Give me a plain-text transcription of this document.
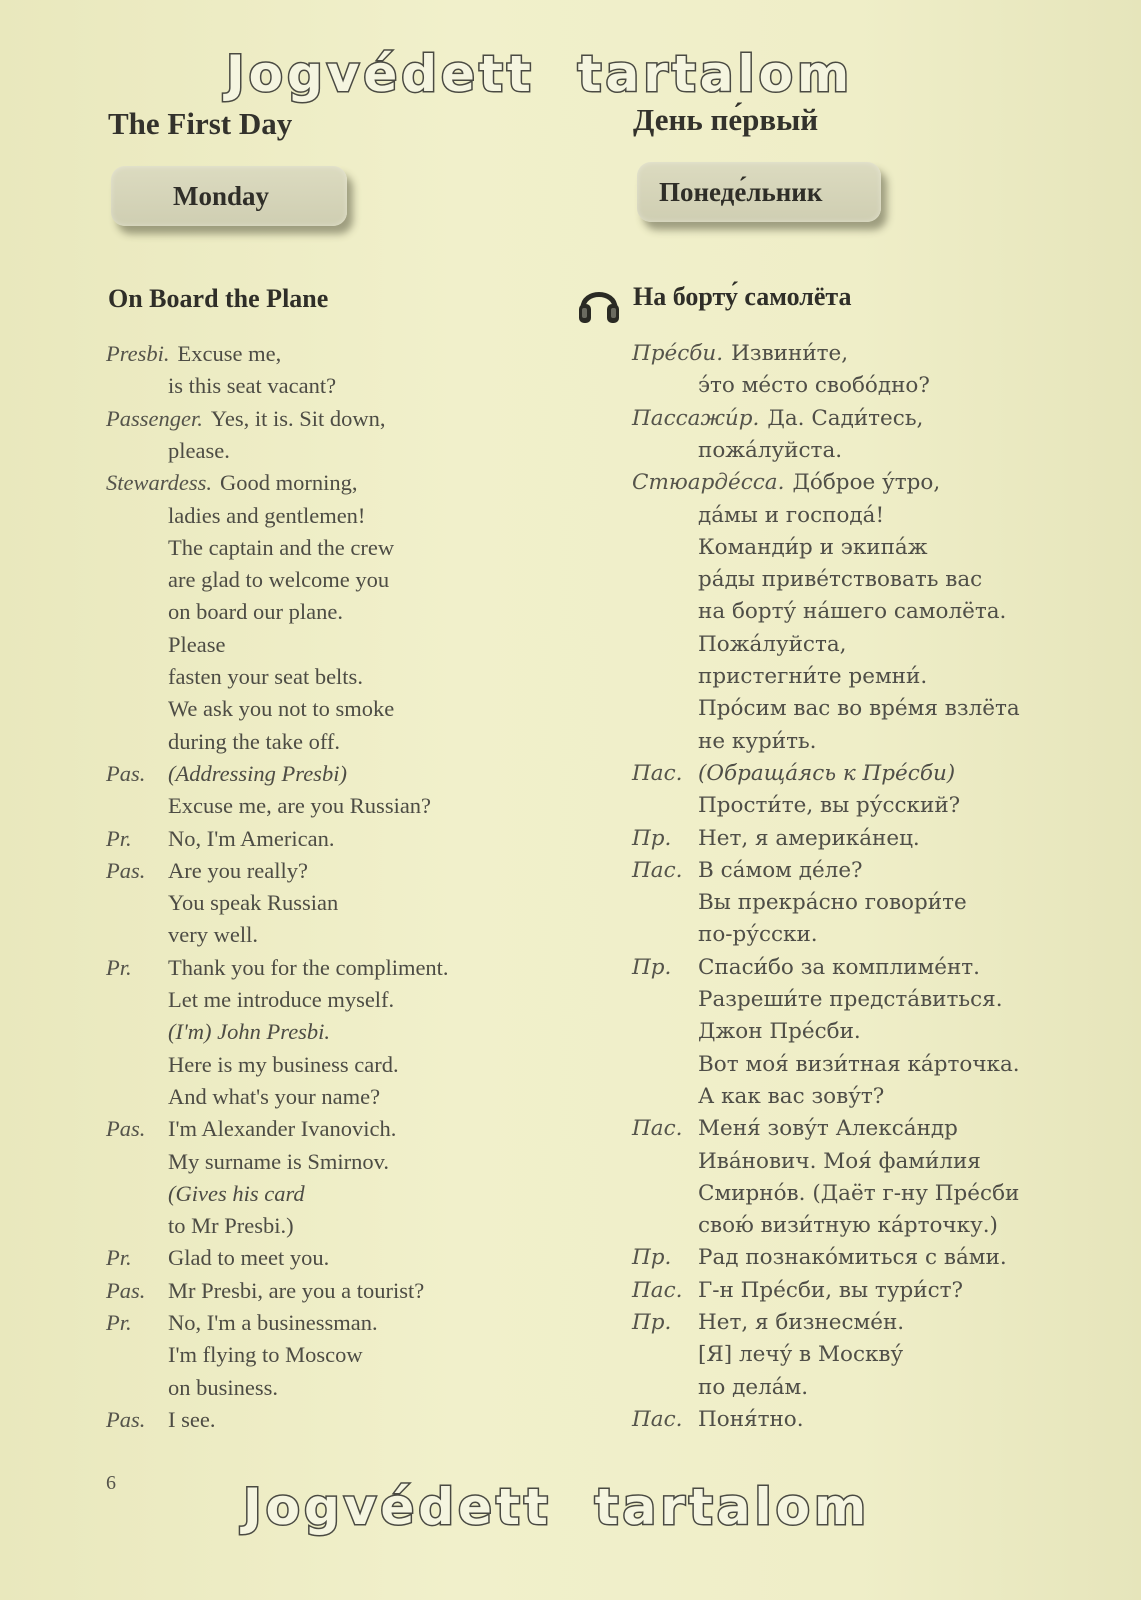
Jogvédett  tartalom
The First Day	День пе́рвый
Monday	Понеде́льник
On Board the Plane	На борту́ самолёта
Presbi. Excuse me,
is this seat vacant?
Passenger. Yes, it is. Sit down,
please.
Stewardess. Good morning,
ladies and gentlemen!
The captain and the crew
are glad to welcome you
on board our plane.
Please
fasten your seat belts.
We ask you not to smoke
during the take off.
Pas. (Addressing Presbi)
Excuse me, are you Russian?
Pr. No, I'm American.
Pas. Are you really?
You speak Russian
very well.
Pr. Thank you for the compliment.
Let me introduce myself.
(I'm) John Presbi.
Here is my business card.
And what's your name?
Pas. I'm Alexander Ivanovich.
My surname is Smirnov.
(Gives his card
to Mr Presbi.)
Pr. Glad to meet you.
Pas. Mr Presbi, are you a tourist?
Pr. No, I'm a businessman.
I'm flying to Moscow
on business.
Pas. I see.
Пре́сби. Извини́те,
э́то ме́сто свобо́дно?
Пассажи́р. Да. Сади́тесь,
пожа́луйста.
Стюарде́сса. До́брое у́тро,
да́мы и господа́!
Команди́р и экипа́ж
ра́ды приве́тствовать вас
на борту́ на́шего самолёта.
Пожа́луйста,
пристегни́те ремни́.
Про́сим вас во вре́мя взлёта
не кури́ть.
Пас. (Обраща́ясь к Пре́сби)
Прости́те, вы ру́сский?
Пр. Нет, я америка́нец.
Пас. В са́мом де́ле?
Вы прекра́сно говори́те
по-ру́сски.
Пр. Спаси́бо за комплиме́нт.
Разреши́те предста́виться.
Джон Пре́сби.
Вот моя́ визи́тная ка́рточка.
А как вас зову́т?
Пас. Меня́ зову́т Алекса́ндр
Ива́нович. Моя́ фами́лия
Смирно́в. (Даёт г-ну Пре́сби
свою́ визи́тную ка́рточку.)
Пр. Рад познако́миться с ва́ми.
Пас. Г-н Пре́сби, вы тури́ст?
Пр. Нет, я бизнесме́н.
[Я] лечу́ в Москву́
по дела́м.
Пас. Поня́тно.
6	Jogvédett  tartalom
